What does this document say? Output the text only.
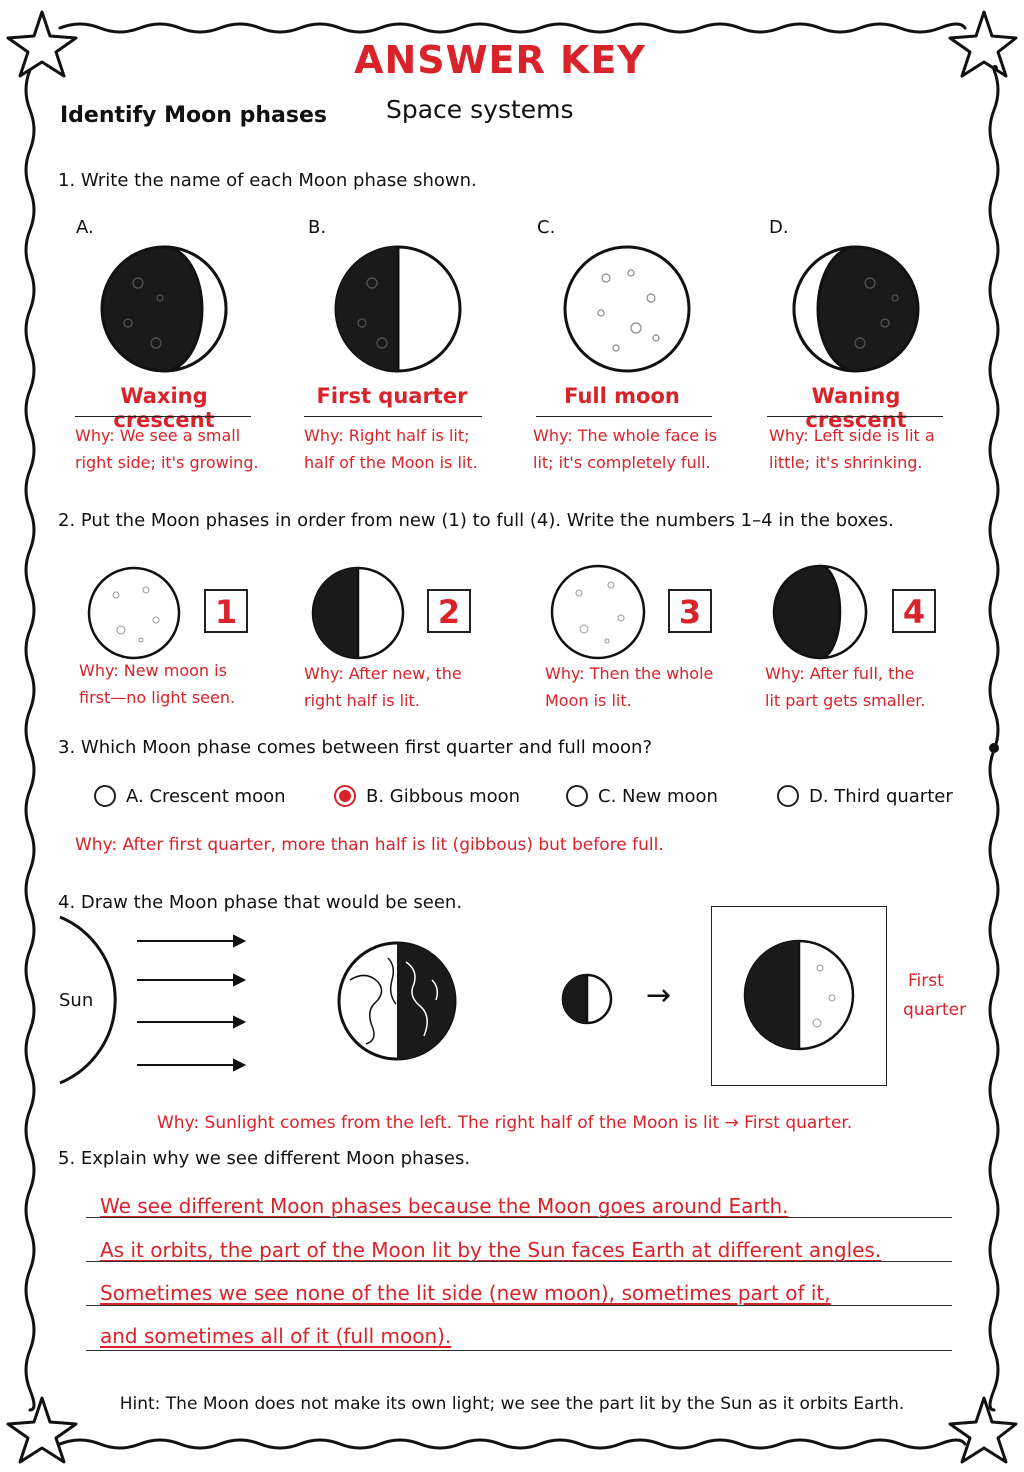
ANSWER KEY
Identify Moon phases Space systems
1. Write the name of each Moon phase shown.
A.	B.	C.	D.
Waxing crescent
First quarter	Full moon	Waning crescent
Why: We see a small
right side; it's growing.
Why: Right half is lit;
half of the Moon is lit.
Why: The whole face is
lit; it's completely full.
Why: Left side is lit a
little; it's shrinking.
2. Put the Moon phases in order from new (1) to full (4). Write the numbers 1–4 in the boxes.
1	2	3	4
Why: New moon is
first—no light seen.
Why: After new, the
right half is lit.
Why: Then the whole
Moon is lit.
Why: After full, the
lit part gets smaller.
3. Which Moon phase comes between first quarter and full moon?
A. Crescent moon	B. Gibbous moon	C. New moon	D. Third quarter
Why: After first quarter, more than half is lit (gibbous) but before full.
4. Draw the Moon phase that would be seen.
Sun	→	First
quarter
Why: Sunlight comes from the left. The right half of the Moon is lit → First quarter.
5. Explain why we see different Moon phases.
We see different Moon phases because the Moon goes around Earth.
As it orbits, the part of the Moon lit by the Sun faces Earth at different angles.
Sometimes we see none of the lit side (new moon), sometimes part of it,
and sometimes all of it (full moon).
Hint: The Moon does not make its own light; we see the part lit by the Sun as it orbits Earth.
